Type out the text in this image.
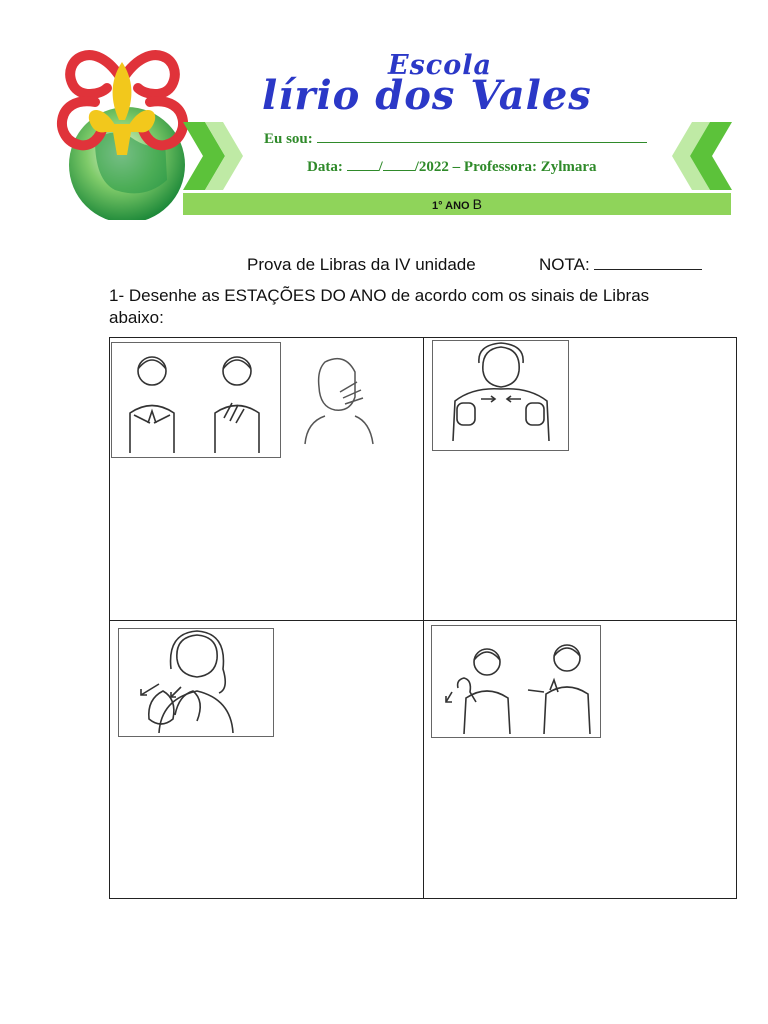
Escola
lírio dos Vales
Eu sou:
Data: / /2022 – Professora: Zylmara
1° ANO B
Prova de Libras da IV unidade	NOTA:
1- Desenhe as ESTAÇÕES DO ANO de acordo com os sinais de Libras abaixo:
